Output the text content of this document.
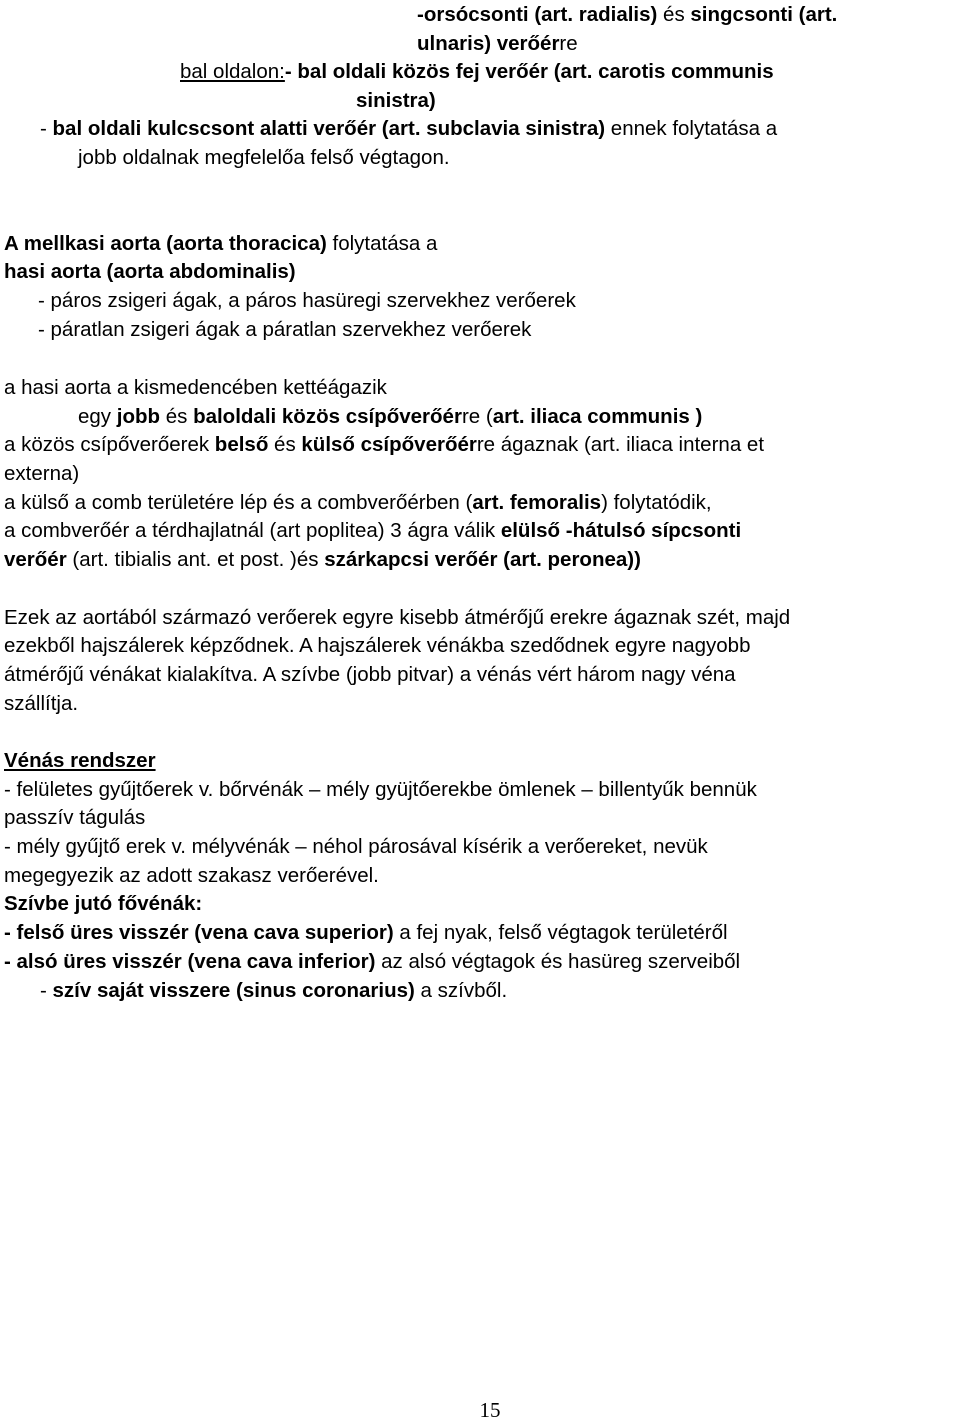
-orsócsonti (art. radialis) és singcsonti (art.
ulnaris) verőérre
bal oldalon:- bal oldali közös fej verőér (art. carotis communis
sinistra)
- bal oldali kulcscsont alatti verőér (art. subclavia sinistra) ennek folytatása a
jobb oldalnak megfelelőa felső végtagon.
A mellkasi aorta (aorta thoracica) folytatása a
hasi aorta (aorta abdominalis)
- páros zsigeri ágak, a páros hasüregi szervekhez verőerek
- páratlan zsigeri ágak a páratlan szervekhez verőerek
a hasi aorta a kismedencében kettéágazik
egy jobb és baloldali közös csípőverőérre (art. iliaca communis )
a közös csípőverőerek belső és külső csípőverőérre ágaznak (art. iliaca interna et
externa)
a külső a comb területére lép és a combverőérben (art. femoralis) folytatódik,
a combverőér a térdhajlatnál (art poplitea) 3 ágra válik elülső -hátulsó sípcsonti
verőér (art. tibialis ant. et post. )és szárkapcsi verőér (art. peronea))
Ezek az aortából származó verőerek egyre kisebb átmérőjű erekre ágaznak szét, majd
ezekből hajszálerek képződnek. A hajszálerek vénákba szedődnek egyre nagyobb
átmérőjű vénákat kialakítva. A szívbe (jobb pitvar) a vénás vért három nagy véna
szállítja.
Vénás rendszer
- felületes gyűjtőerek v. bőrvénák – mély gyüjtőerekbe ömlenek – billentyűk bennük
passzív tágulás
- mély gyűjtő erek v. mélyvénák – néhol párosával kísérik a verőereket, nevük
megegyezik az adott szakasz verőerével.
Szívbe jutó fővénák:
- felső üres visszér (vena cava superior) a fej nyak, felső végtagok területéről
- alsó üres visszér (vena cava inferior) az alsó végtagok és hasüreg szerveiből
- szív saját visszere (sinus coronarius) a szívből.
15
